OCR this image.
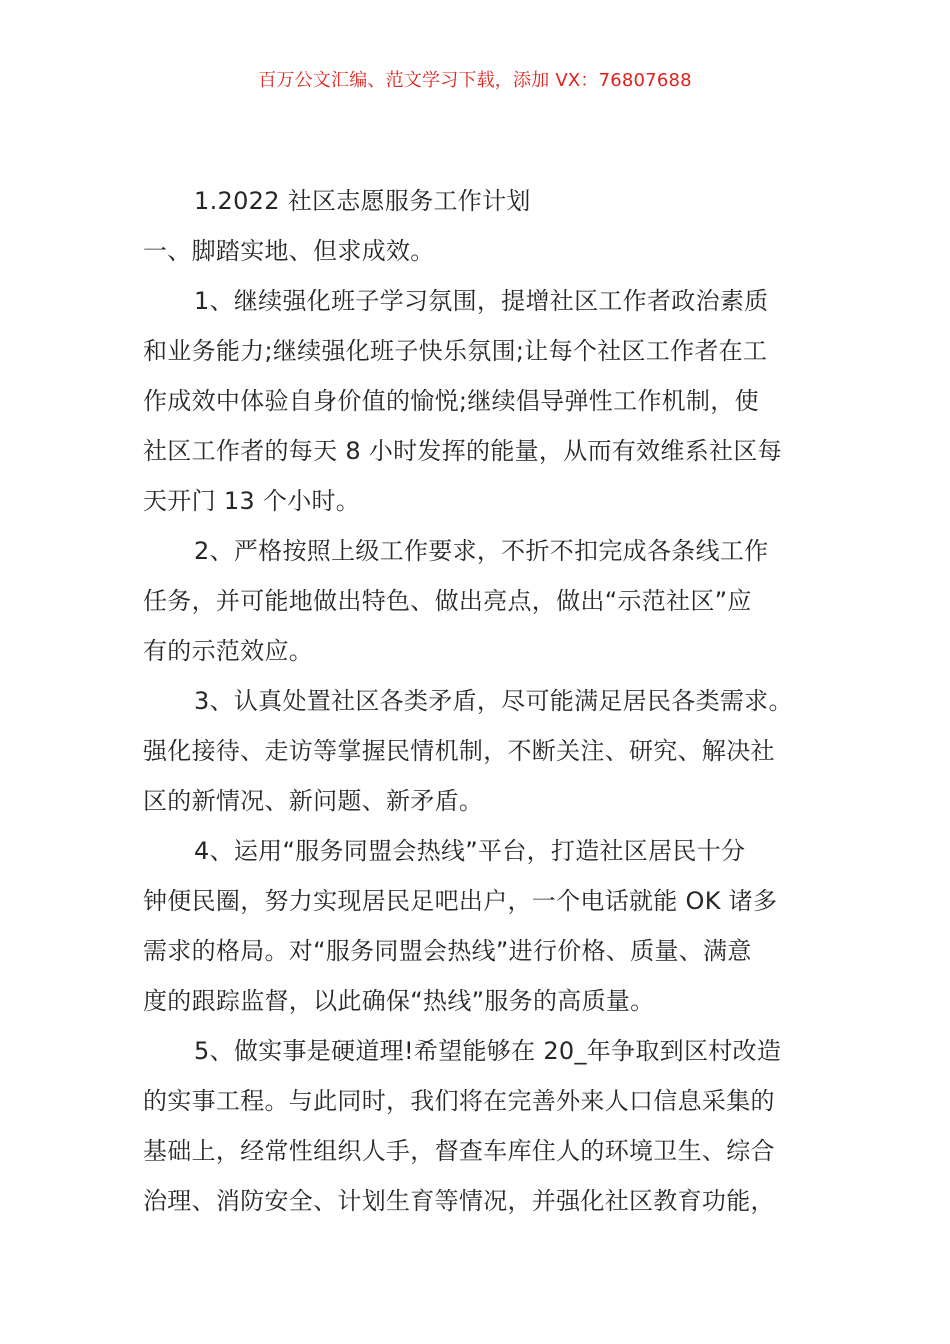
百万公文汇编、范文学习下载，添加 VX：76807688
1.2022 社区志愿服务工作计划
一、脚踏实地、但求成效。
1、继续强化班子学习氛围，提增社区工作者政治素质
和业务能力;继续强化班子快乐氛围;让每个社区工作者在工
作成效中体验自身价值的愉悦;继续倡导弹性工作机制，使
社区工作者的每天 8 小时发挥的能量，从而有效维系社区每
天开门 13 个小时。
2、严格按照上级工作要求，不折不扣完成各条线工作
任务，并可能地做出特色、做出亮点，做出“示范社区”应
有的示范效应。
3、认真处置社区各类矛盾，尽可能满足居民各类需求。
强化接待、走访等掌握民情机制，不断关注、研究、解决社
区的新情况、新问题、新矛盾。
4、运用“服务同盟会热线”平台，打造社区居民十分
钟便民圈，努力实现居民足吧出户，一个电话就能 OK 诸多
需求的格局。对“服务同盟会热线”进行价格、质量、满意
度的跟踪监督，以此确保“热线”服务的高质量。
5、做实事是硬道理!希望能够在 20_年争取到区村改造
的实事工程。与此同时，我们将在完善外来人口信息采集的
基础上，经常性组织人手，督查车库住人的环境卫生、综合
治理、消防安全、计划生育等情况，并强化社区教育功能，
